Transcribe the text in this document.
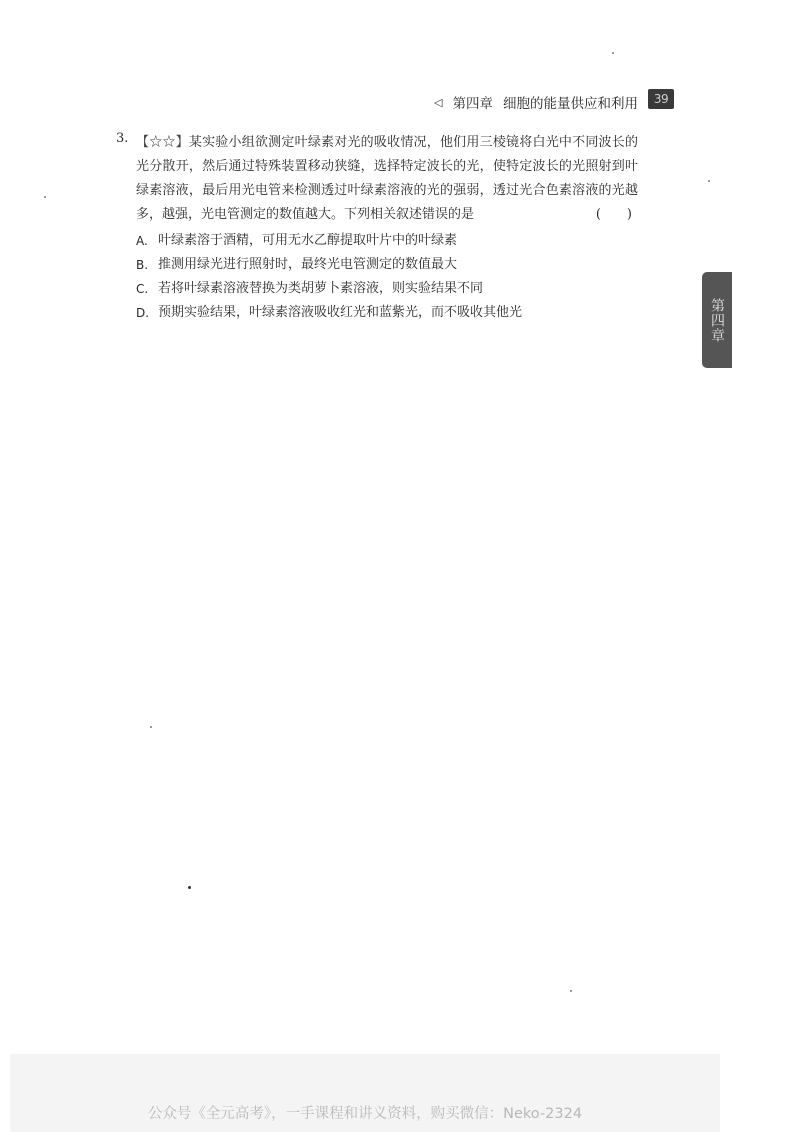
◁ 第四章 细胞的能量供应和利用	39
3. 【☆☆】某实验小组欲测定叶绿素对光的吸收情况，他们用三棱镜将白光中不同波长的光分散开，然后通过特殊装置移动狭缝，选择特定波长的光，使特定波长的光照射到叶绿素溶液，最后用光电管来检测透过叶绿素溶液的光的强弱，透过光合色素溶液的光越多，越强，光电管测定的数值越大。下列相关叙述错误的是	(　　)
A. 叶绿素溶于酒精，可用无水乙醇提取叶片中的叶绿素
B. 推测用绿光进行照射时，最终光电管测定的数值最大
C. 若将叶绿素溶液替换为类胡萝卜素溶液，则实验结果不同
D. 预期实验结果，叶绿素溶液吸收红光和蓝紫光，而不吸收其他光	第四章
公众号《全元高考》，一手课程和讲义资料，购买微信：Neko-2324
